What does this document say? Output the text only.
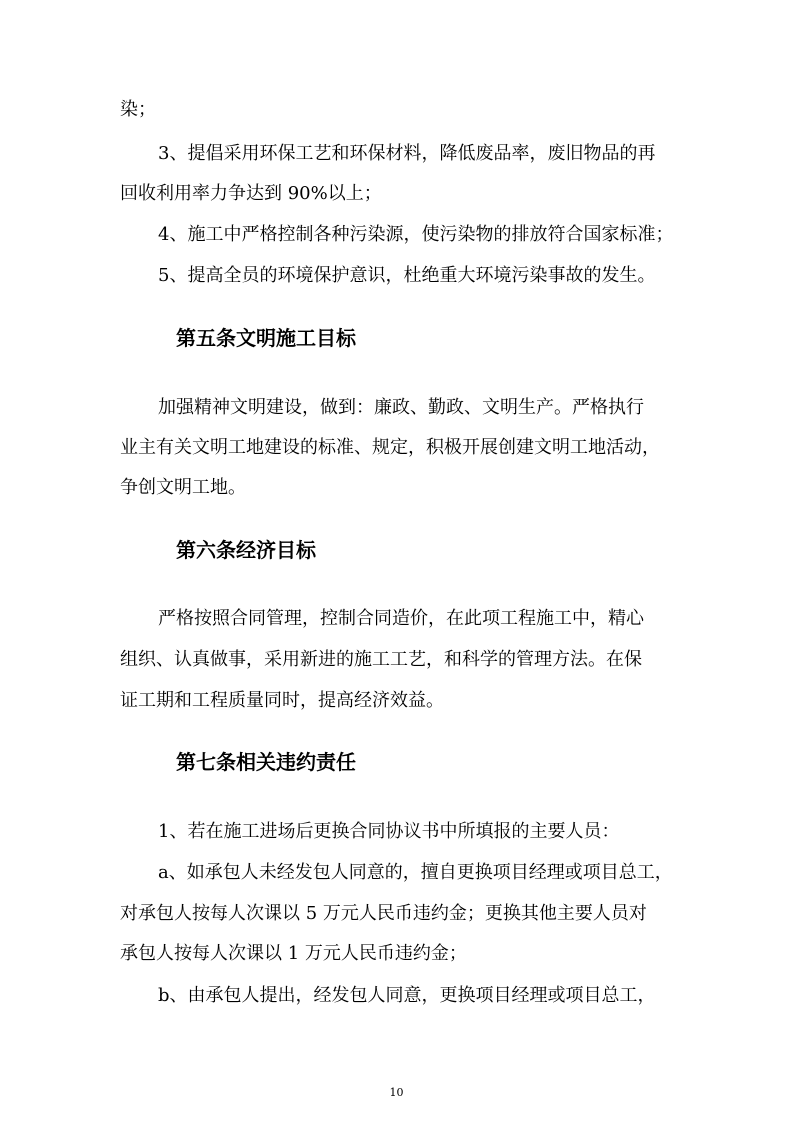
染；
3、提倡采用环保工艺和环保材料，降低废品率，废旧物品的再
回收利用率力争达到 90%以上；
4、施工中严格控制各种污染源，使污染物的排放符合国家标准；
5、提高全员的环境保护意识，杜绝重大环境污染事故的发生。
第五条文明施工目标
加强精神文明建设，做到：廉政、勤政、文明生产。严格执行
业主有关文明工地建设的标准、规定，积极开展创建文明工地活动，
争创文明工地。
第六条经济目标
严格按照合同管理，控制合同造价，在此项工程施工中，精心
组织、认真做事，采用新进的施工工艺，和科学的管理方法。在保
证工期和工程质量同时，提高经济效益。
第七条相关违约责任
1、若在施工进场后更换合同协议书中所填报的主要人员：
a、如承包人未经发包人同意的，擅自更换项目经理或项目总工，
对承包人按每人次课以 5 万元人民币违约金；更换其他主要人员对
承包人按每人次课以 1 万元人民币违约金；
b、由承包人提出，经发包人同意，更换项目经理或项目总工，
10
